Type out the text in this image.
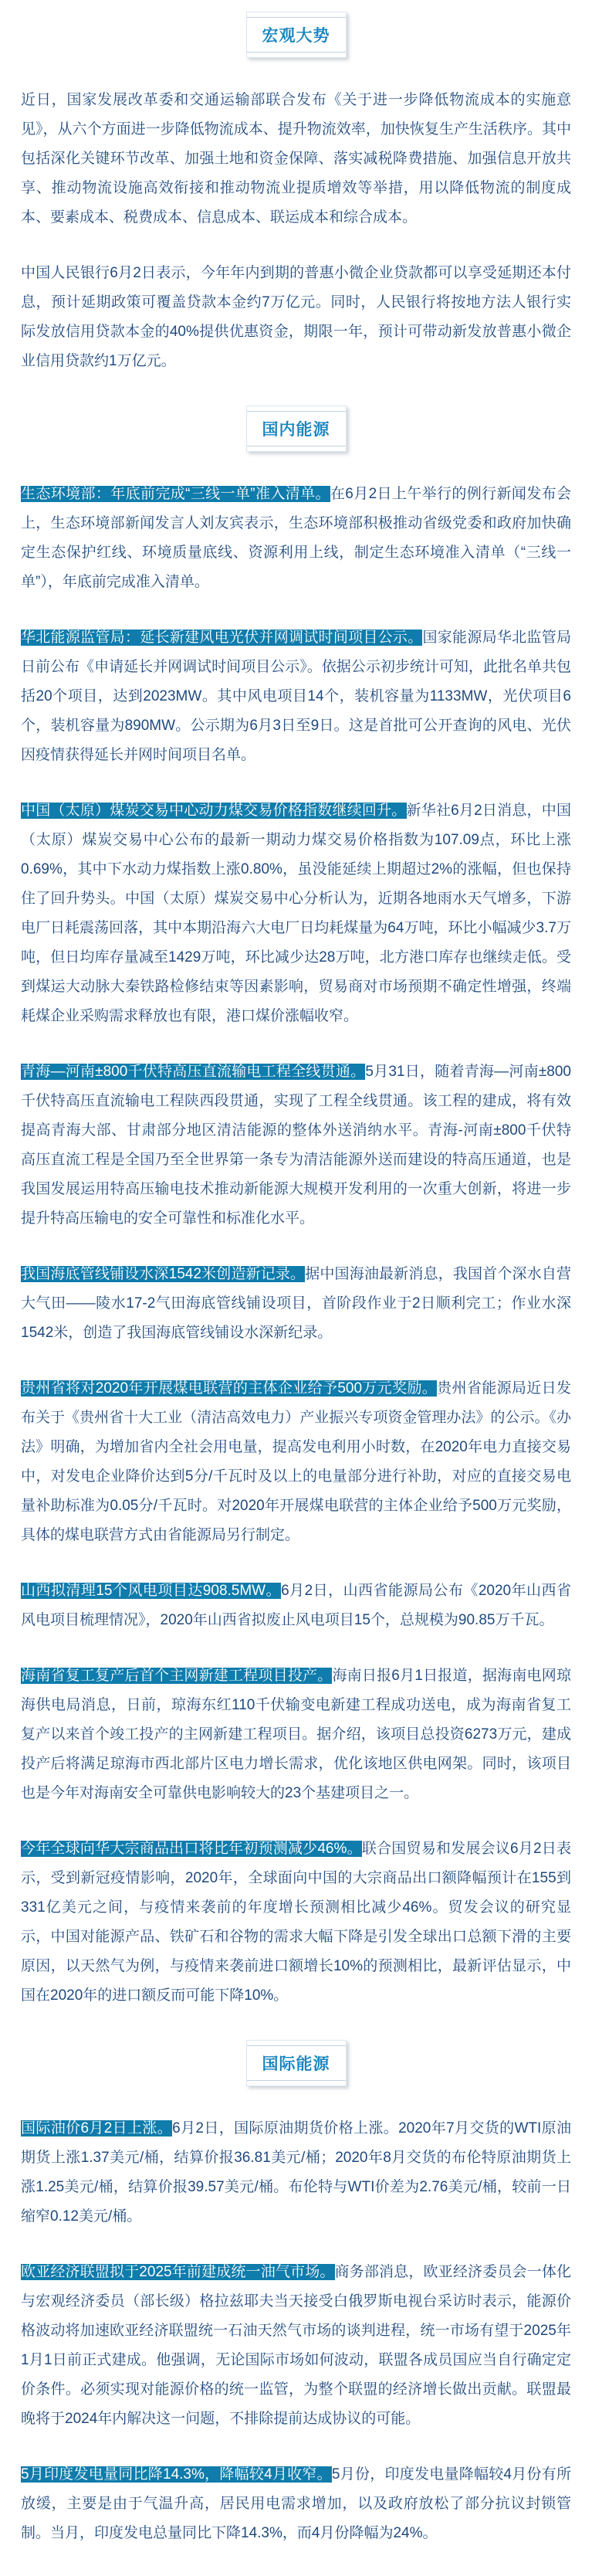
宏观大势

近日，国家发展改革委和交通运输部联合发布《关于进一步降低物流成本的实施意见》，从六个方面进一步降低物流成本、提升物流效率，加快恢复生产生活秩序。其中包括深化关键环节改革、加强土地和资金保障、落实减税降费措施、加强信息开放共享、推动物流设施高效衔接和推动物流业提质增效等举措，用以降低物流的制度成本、要素成本、税费成本、信息成本、联运成本和综合成本。

中国人民银行6月2日表示，今年年内到期的普惠小微企业贷款都可以享受延期还本付息，预计延期政策可覆盖贷款本金约7万亿元。同时，人民银行将按地方法人银行实际发放信用贷款本金的40%提供优惠资金，期限一年，预计可带动新发放普惠小微企业信用贷款约1万亿元。

国内能源

生态环境部：年底前完成“三线一单”准入清单。在6月2日上午举行的例行新闻发布会上，生态环境部新闻发言人刘友宾表示，生态环境部积极推动省级党委和政府加快确定生态保护红线、环境质量底线、资源利用上线，制定生态环境准入清单（“三线一单”），年底前完成准入清单。

华北能源监管局：延长新建风电光伏并网调试时间项目公示。国家能源局华北监管局日前公布《申请延长并网调试时间项目公示》。依据公示初步统计可知，此批名单共包括20个项目，达到2023MW。其中风电项目14个，装机容量为1133MW，光伏项目6个，装机容量为890MW。公示期为6月3日至9日。这是首批可公开查询的风电、光伏因疫情获得延长并网时间项目名单。

中国（太原）煤炭交易中心动力煤交易价格指数继续回升。新华社6月2日消息，中国（太原）煤炭交易中心公布的最新一期动力煤交易价格指数为107.09点，环比上涨0.69%，其中下水动力煤指数上涨0.80%，虽没能延续上期超过2%的涨幅，但也保持住了回升势头。中国（太原）煤炭交易中心分析认为，近期各地雨水天气增多，下游电厂日耗震荡回落，其中本期沿海六大电厂日均耗煤量为64万吨，环比小幅减少3.7万吨，但日均库存量减至1429万吨，环比减少达28万吨，北方港口库存也继续走低。受到煤运大动脉大秦铁路检修结束等因素影响，贸易商对市场预期不确定性增强，终端耗煤企业采购需求释放也有限，港口煤价涨幅收窄。

青海—河南±800千伏特高压直流输电工程全线贯通。5月31日，随着青海—河南±800千伏特高压直流输电工程陕西段贯通，实现了工程全线贯通。该工程的建成，将有效提高青海大部、甘肃部分地区清洁能源的整体外送消纳水平。青海-河南±800千伏特高压直流工程是全国乃至全世界第一条专为清洁能源外送而建设的特高压通道，也是我国发展运用特高压输电技术推动新能源大规模开发利用的一次重大创新，将进一步提升特高压输电的安全可靠性和标准化水平。

我国海底管线铺设水深1542米创造新记录。据中国海油最新消息，我国首个深水自营大气田——陵水17-2气田海底管线铺设项目，首阶段作业于2日顺利完工；作业水深1542米，创造了我国海底管线铺设水深新纪录。

贵州省将对2020年开展煤电联营的主体企业给予500万元奖励。贵州省能源局近日发布关于《贵州省十大工业（清洁高效电力）产业振兴专项资金管理办法》的公示。《办法》明确，为增加省内全社会用电量，提高发电利用小时数，在2020年电力直接交易中，对发电企业降价达到5分/千瓦时及以上的电量部分进行补助，对应的直接交易电量补助标准为0.05分/千瓦时。对2020年开展煤电联营的主体企业给予500万元奖励，具体的煤电联营方式由省能源局另行制定。

山西拟清理15个风电项目达908.5MW。6月2日，山西省能源局公布《2020年山西省风电项目梳理情况》，2020年山西省拟废止风电项目15个，总规模为90.85万千瓦。

海南省复工复产后首个主网新建工程项目投产。海南日报6月1日报道，据海南电网琼海供电局消息，日前，琼海东红110千伏输变电新建工程成功送电，成为海南省复工复产以来首个竣工投产的主网新建工程项目。据介绍，该项目总投资6273万元，建成投产后将满足琼海市西北部片区电力增长需求，优化该地区供电网架。同时，该项目也是今年对海南安全可靠供电影响较大的23个基建项目之一。

今年全球向华大宗商品出口将比年初预测减少46%。联合国贸易和发展会议6月2日表示，受到新冠疫情影响，2020年，全球面向中国的大宗商品出口额降幅预计在155到331亿美元之间，与疫情来袭前的年度增长预测相比减少46%。贸发会议的研究显示，中国对能源产品、铁矿石和谷物的需求大幅下降是引发全球出口总额下滑的主要原因，以天然气为例，与疫情来袭前进口额增长10%的预测相比，最新评估显示，中国在2020年的进口额反而可能下降10%。

国际能源

国际油价6月2日上涨。6月2日，国际原油期货价格上涨。2020年7月交货的WTI原油期货上涨1.37美元/桶，结算价报36.81美元/桶；2020年8月交货的布伦特原油期货上涨1.25美元/桶，结算价报39.57美元/桶。布伦特与WTI价差为2.76美元/桶，较前一日缩窄0.12美元/桶。

欧亚经济联盟拟于2025年前建成统一油气市场。商务部消息，欧亚经济委员会一体化与宏观经济委员（部长级）格拉兹耶夫当天接受白俄罗斯电视台采访时表示，能源价格波动将加速欧亚经济联盟统一石油天然气市场的谈判进程，统一市场有望于2025年1月1日前正式建成。他强调，无论国际市场如何波动，联盟各成员国应当自行确定定价条件。必须实现对能源价格的统一监管，为整个联盟的经济增长做出贡献。联盟最晚将于2024年内解决这一问题，不排除提前达成协议的可能。

5月印度发电量同比降14.3%，降幅较4月收窄。5月份，印度发电量降幅较4月份有所放缓，主要是由于气温升高，居民用电需求增加，以及政府放松了部分抗议封锁管制。当月，印度发电总量同比下降14.3%，而4月份降幅为24%。
